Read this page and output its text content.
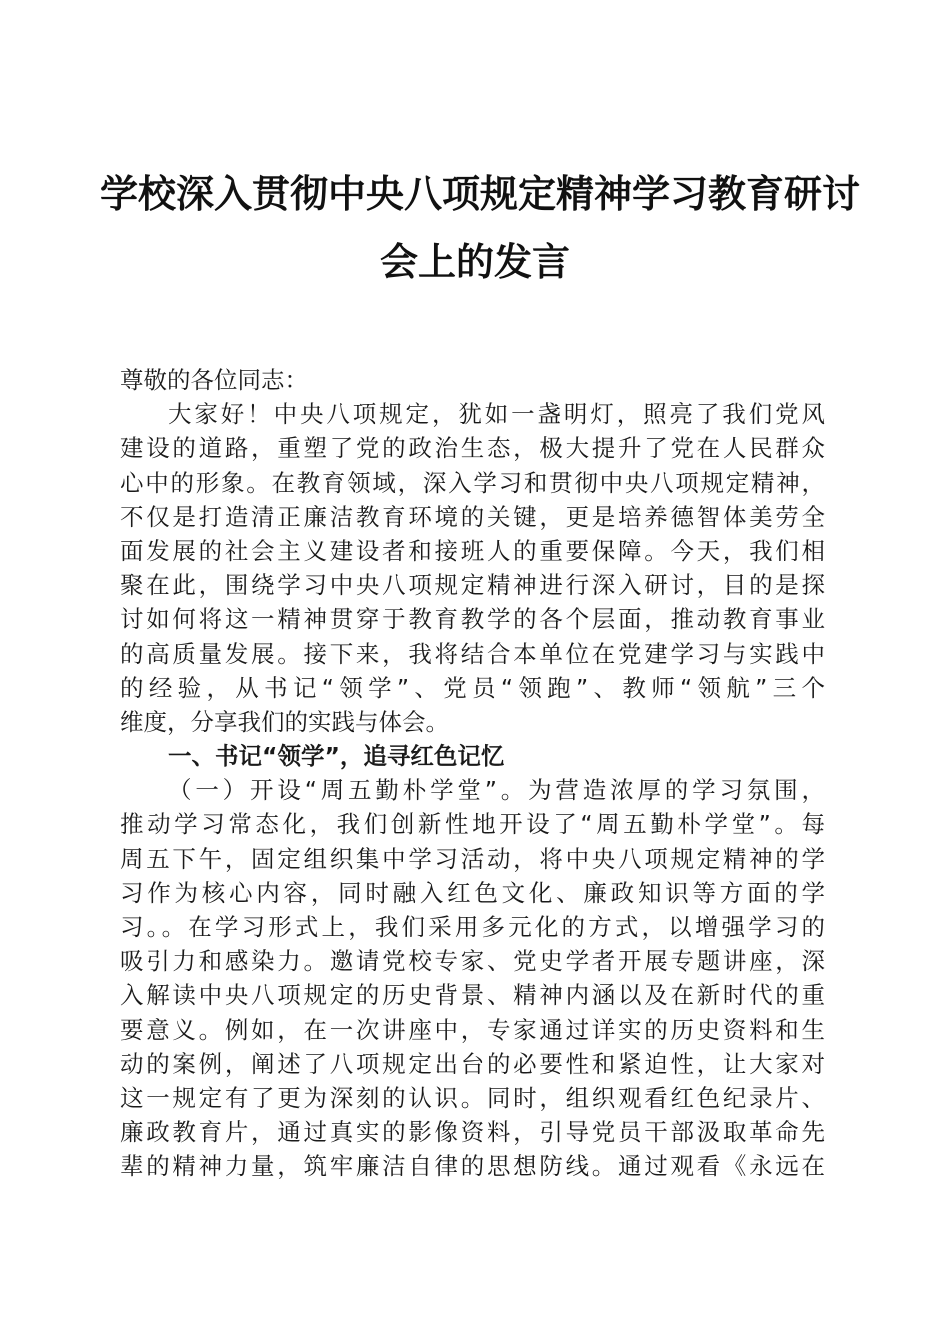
学校深入贯彻中央八项规定精神学习教育研讨
会上的发言
尊敬的各位同志：
大家好！中央八项规定，犹如一盏明灯，照亮了我们党风
建设的道路，重塑了党的政治生态，极大提升了党在人民群众
心中的形象。在教育领域，深入学习和贯彻中央八项规定精神，
不仅是打造清正廉洁教育环境的关键，更是培养德智体美劳全
面发展的社会主义建设者和接班人的重要保障。今天，我们相
聚在此，围绕学习中央八项规定精神进行深入研讨，目的是探
讨如何将这一精神贯穿于教育教学的各个层面，推动教育事业
的高质量发展。接下来，我将结合本单位在党建学习与实践中
的经验，从书记“领学”、党员“领跑”、教师“领航”三个
维度，分享我们的实践与体会。
一、书记“领学”，追寻红色记忆
（一）开设“周五勤朴学堂”。为营造浓厚的学习氛围，
推动学习常态化，我们创新性地开设了“周五勤朴学堂”。每
周五下午，固定组织集中学习活动，将中央八项规定精神的学
习作为核心内容，同时融入红色文化、廉政知识等方面的学
习。。在学习形式上，我们采用多元化的方式，以增强学习的
吸引力和感染力。邀请党校专家、党史学者开展专题讲座，深
入解读中央八项规定的历史背景、精神内涵以及在新时代的重
要意义。例如，在一次讲座中，专家通过详实的历史资料和生
动的案例，阐述了八项规定出台的必要性和紧迫性，让大家对
这一规定有了更为深刻的认识。同时，组织观看红色纪录片、
廉政教育片，通过真实的影像资料，引导党员干部汲取革命先
辈的精神力量，筑牢廉洁自律的思想防线。通过观看《永远在
